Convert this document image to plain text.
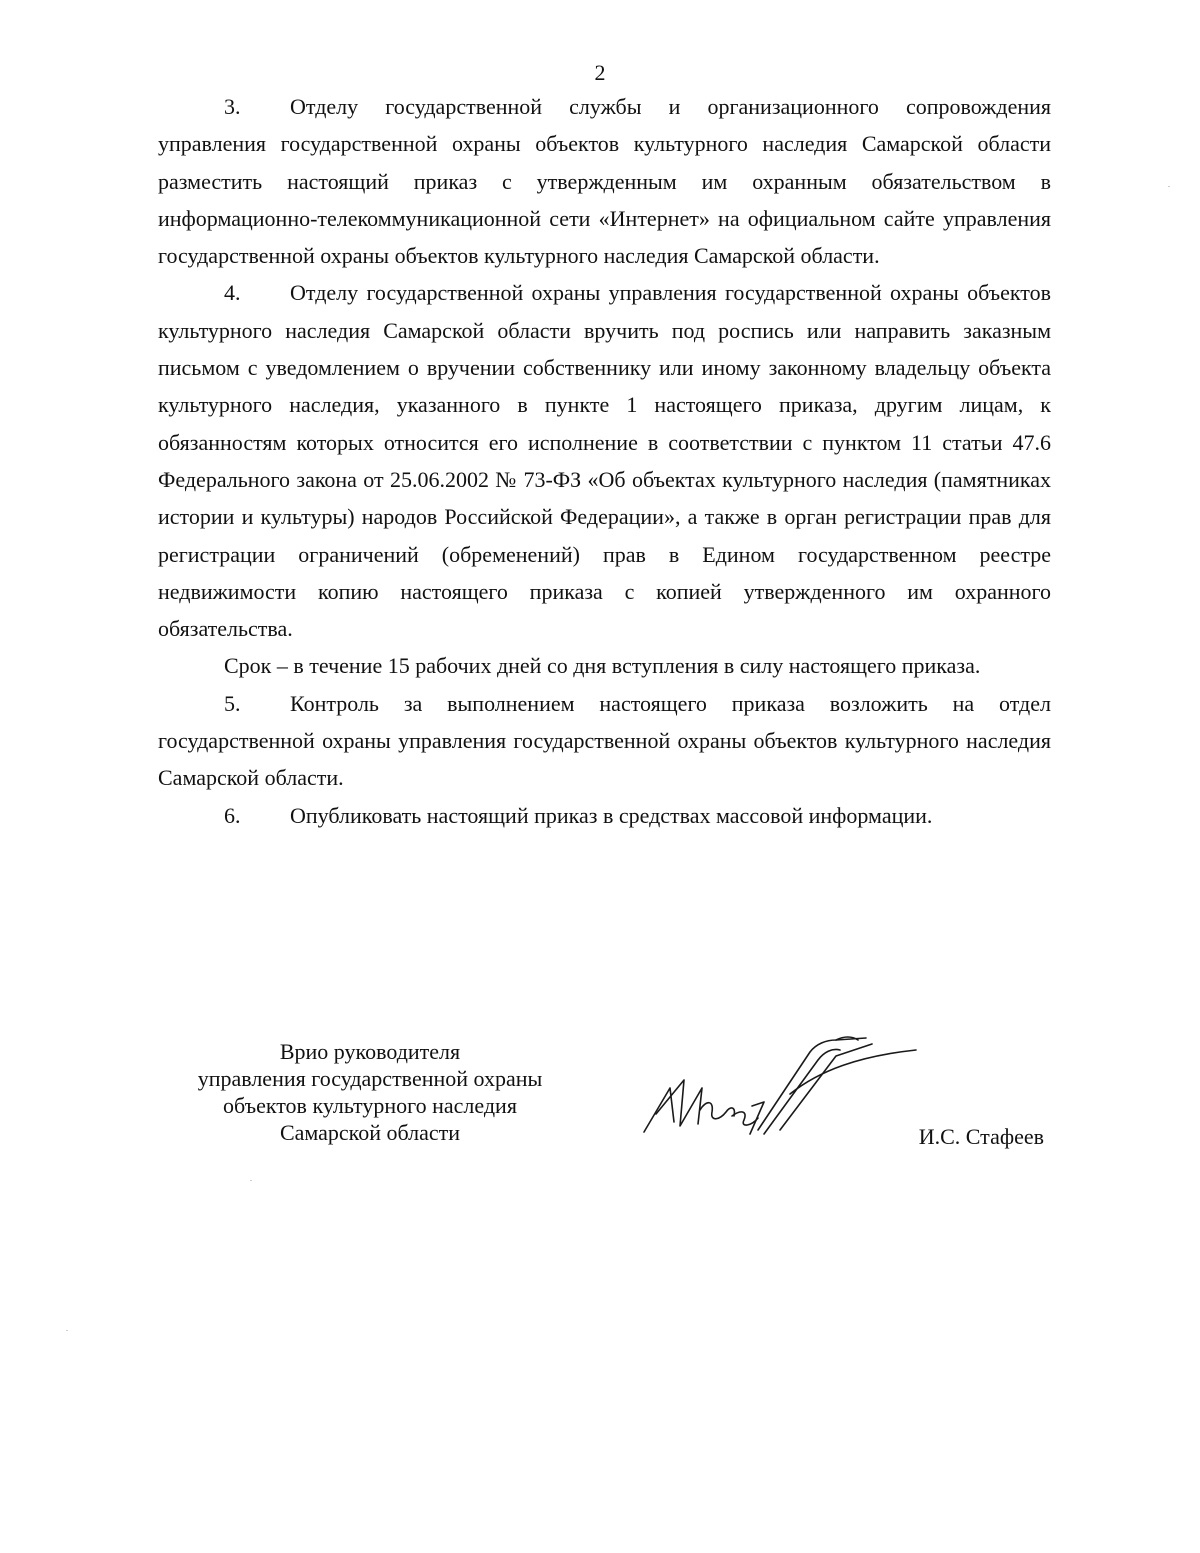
2

3. Отделу государственной службы и организационного сопровождения управления государственной охраны объектов культурного наследия Самарской области разместить настоящий приказ с утвержденным им охранным обязательством в информационно-телекоммуникационной сети «Интернет» на официальном сайте управления государственной охраны объектов культурного наследия Самарской области.

4. Отделу государственной охраны управления государственной охраны объектов культурного наследия Самарской области вручить под роспись или направить заказным письмом с уведомлением о вручении собственнику или иному законному владельцу объекта культурного наследия, указанного в пункте 1 настоящего приказа, другим лицам, к обязанностям которых относится его исполнение в соответствии с пунктом 11 статьи 47.6 Федерального закона от 25.06.2002 № 73-ФЗ «Об объектах культурного наследия (памятниках истории и культуры) народов Российской Федерации», а также в орган регистрации прав для регистрации ограничений (обременений) прав в Едином государственном реестре недвижимости копию настоящего приказа с копией утвержденного им охранного обязательства.

Срок – в течение 15 рабочих дней со дня вступления в силу настоящего приказа.

5. Контроль за выполнением настоящего приказа возложить на отдел государственной охраны управления государственной охраны объектов культурного наследия Самарской области.

6. Опубликовать настоящий приказ в средствах массовой информации.

Врио руководителя
управления государственной охраны
объектов культурного наследия
Самарской области	И.С. Стафеев
